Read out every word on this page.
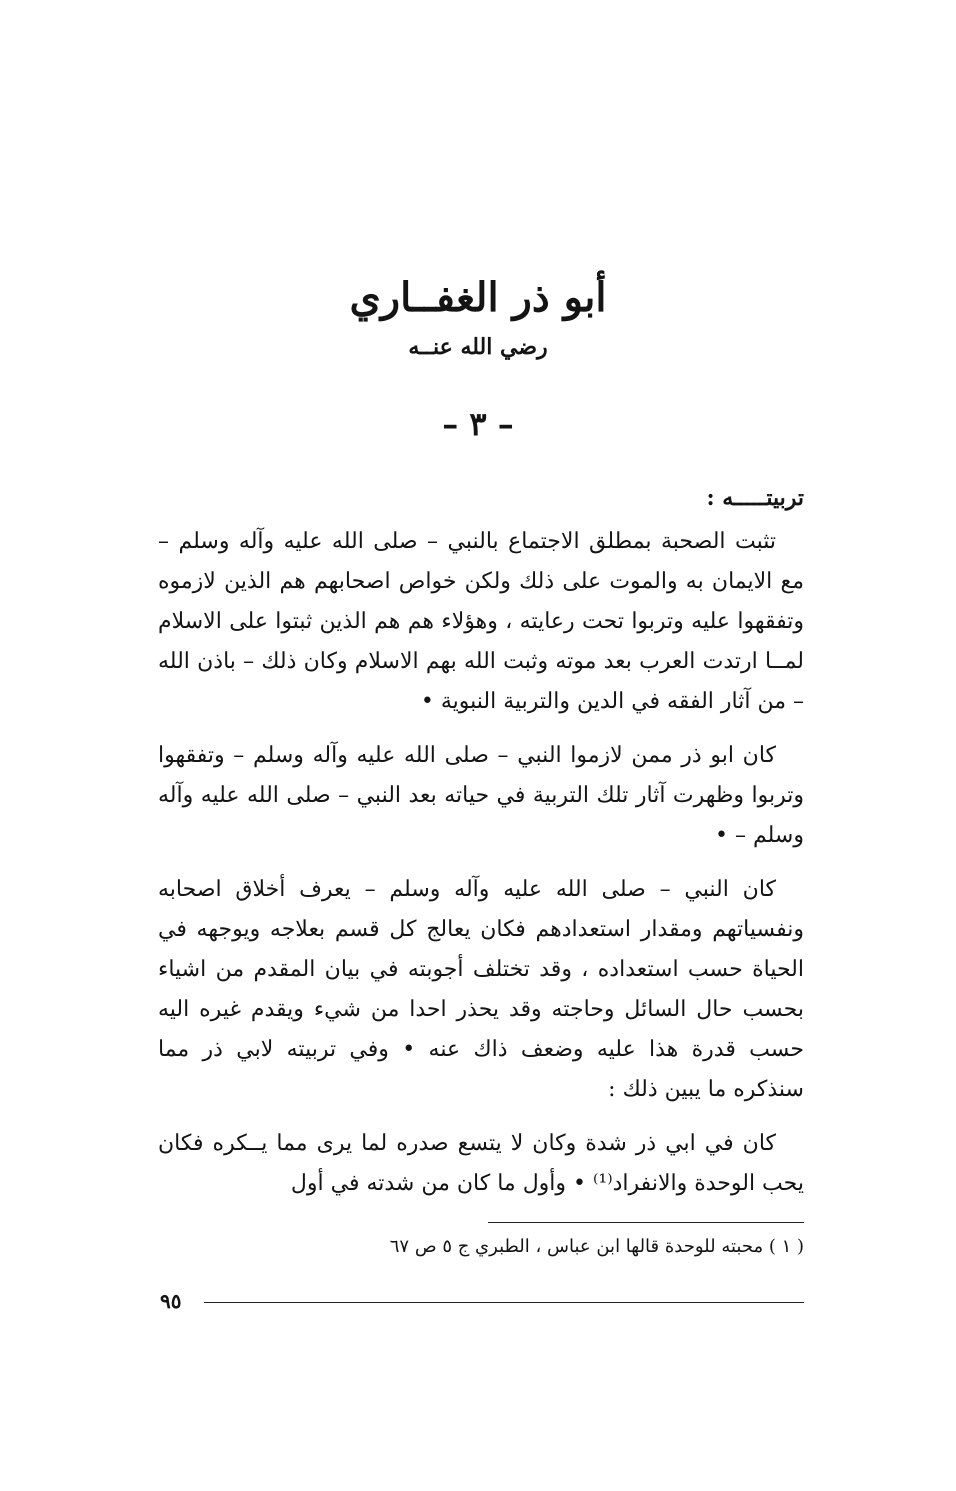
أبو ذر الغفــاري
رضي الله عنــه
– ٣ –
تربيتـــــه :

تثبت الصحبة بمطلق الاجتماع بالنبي – صلى الله عليه وآله وسلم – مع الايمان به والموت على ذلك ولكن خواص اصحابهم هم الذين لازموه وتفقهوا عليه وتربوا تحت رعايته ، وهؤلاء هم هم الذين ثبتوا على الاسلام لمــا ارتدت العرب بعد موته وثبت الله بهم الاسلام وكان ذلك – باذن الله – من آثار الفقه في الدين والتربية النبوية •

كان ابو ذر ممن لازموا النبي – صلى الله عليه وآله وسلم – وتفقهوا وتربوا وظهرت آثار تلك التربية في حياته بعد النبي – صلى الله عليه وآله وسلم – •

كان النبي – صلى الله عليه وآله وسلم – يعرف أخلاق اصحابه ونفسياتهم ومقدار استعدادهم فكان يعالج كل قسم بعلاجه ويوجهه في الحياة حسب استعداده ، وقد تختلف أجوبته في بيان المقدم من اشياء بحسب حال السائل وحاجته وقد يحذر احدا من شيء ويقدم غيره اليه حسب قدرة هذا عليه وضعف ذاك عنه • وفي تربيته لابي ذر مما سنذكره ما يبين ذلك :

كان في ابي ذر شدة وكان لا يتسع صدره لما يرى مما يــكره فكان يحب الوحدة والانفراد⁽¹⁾ • وأول ما كان من شدته في أول

( ١ ) محبته للوحدة قالها ابن عباس ، الطبري ج ٥ ص ٦٧
٩٥
